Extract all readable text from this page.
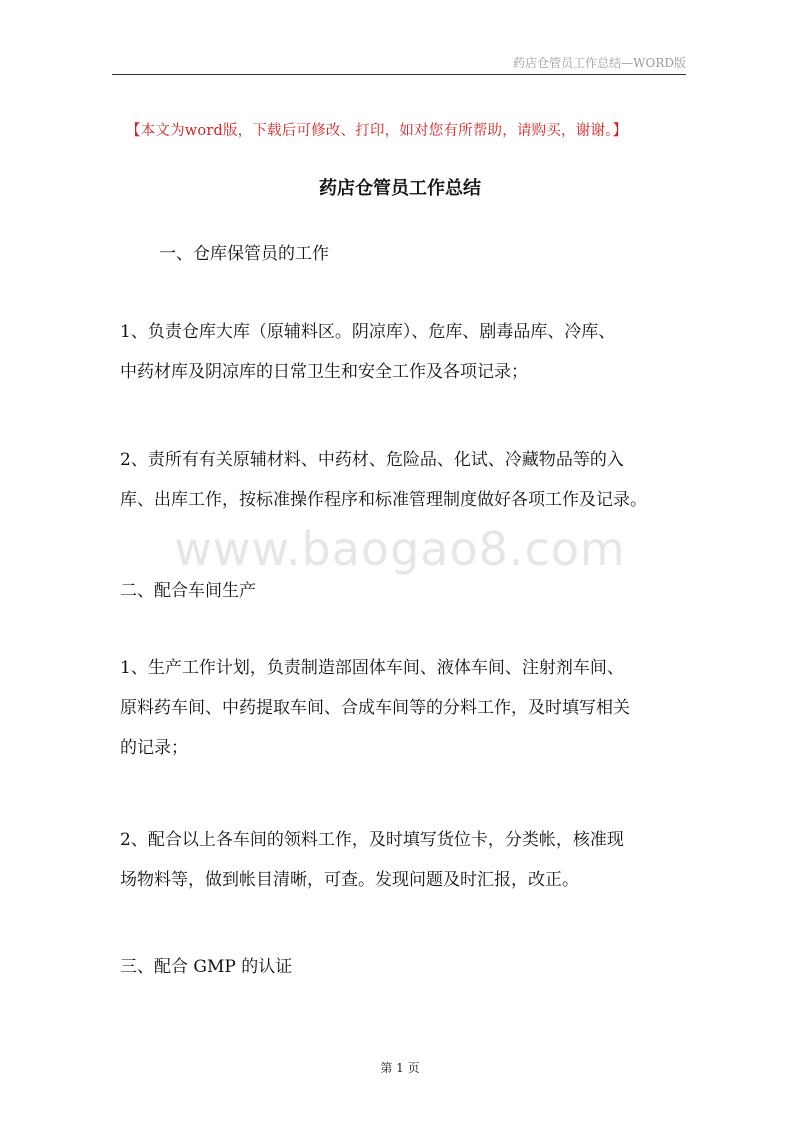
药店仓管员工作总结—WORD版
【本文为word版，下载后可修改、打印，如对您有所帮助，请购买，谢谢。】
药店仓管员工作总结
一、仓库保管员的工作
1、负责仓库大库（原辅料区。阴凉库）、危库、剧毒品库、冷库、
中药材库及阴凉库的日常卫生和安全工作及各项记录；
2、责所有有关原辅材料、中药材、危险品、化试、冷藏物品等的入
库、出库工作，按标准操作程序和标准管理制度做好各项工作及记录。
www.baogao8.com
二、配合车间生产
1、生产工作计划，负责制造部固体车间、液体车间、注射剂车间、
原料药车间、中药提取车间、合成车间等的分料工作，及时填写相关
的记录；
2、配合以上各车间的领料工作，及时填写货位卡，分类帐，核准现
场物料等，做到帐目清晰，可查。发现问题及时汇报，改正。
三、配合 GMP 的认证
第 1 页
